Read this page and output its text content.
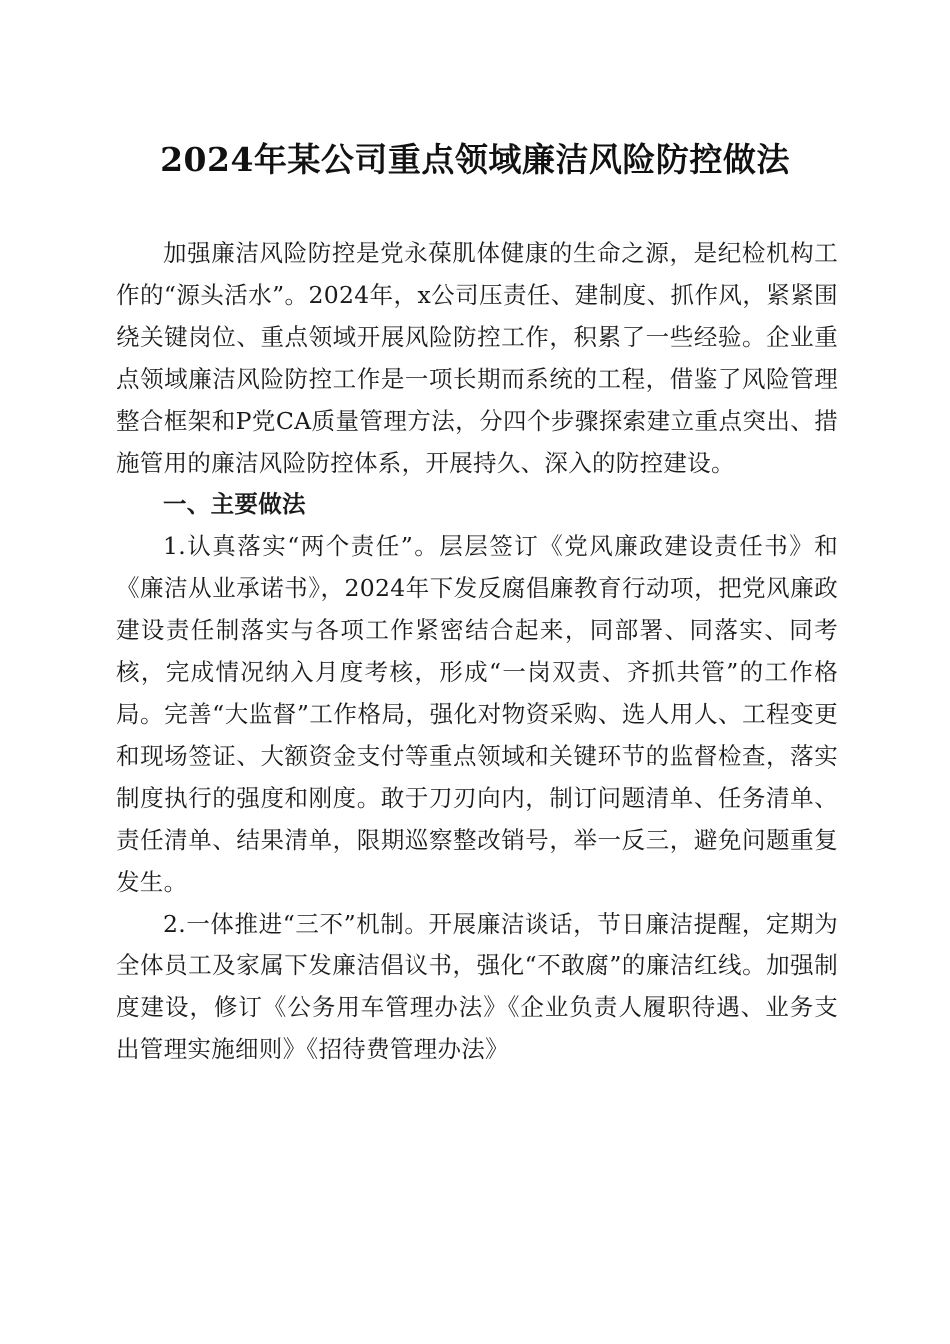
2024年某公司重点领域廉洁风险防控做法

加强廉洁风险防控是党永葆肌体健康的生命之源，是纪检机构工作的“源头活水”。2024年，x公司压责任、建制度、抓作风，紧紧围绕关键岗位、重点领域开展风险防控工作，积累了一些经验。企业重点领域廉洁风险防控工作是一项长期而系统的工程，借鉴了风险管理整合框架和P党CA质量管理方法，分四个步骤探索建立重点突出、措施管用的廉洁风险防控体系，开展持久、深入的防控建设。

一、主要做法

1.认真落实“两个责任”。层层签订《党风廉政建设责任书》和《廉洁从业承诺书》，2024年下发反腐倡廉教育行动项，把党风廉政建设责任制落实与各项工作紧密结合起来，同部署、同落实、同考核，完成情况纳入月度考核，形成“一岗双责、齐抓共管”的工作格局。完善“大监督”工作格局，强化对物资采购、选人用人、工程变更和现场签证、大额资金支付等重点领域和关键环节的监督检查，落实制度执行的强度和刚度。敢于刀刃向内，制订问题清单、任务清单、责任清单、结果清单，限期巡察整改销号，举一反三，避免问题重复发生。

2.一体推进“三不”机制。开展廉洁谈话，节日廉洁提醒，定期为全体员工及家属下发廉洁倡议书，强化“不敢腐”的廉洁红线。加强制度建设，修订《公务用车管理办法》《企业负责人履职待遇、业务支出管理实施细则》《招待费管理办法》
